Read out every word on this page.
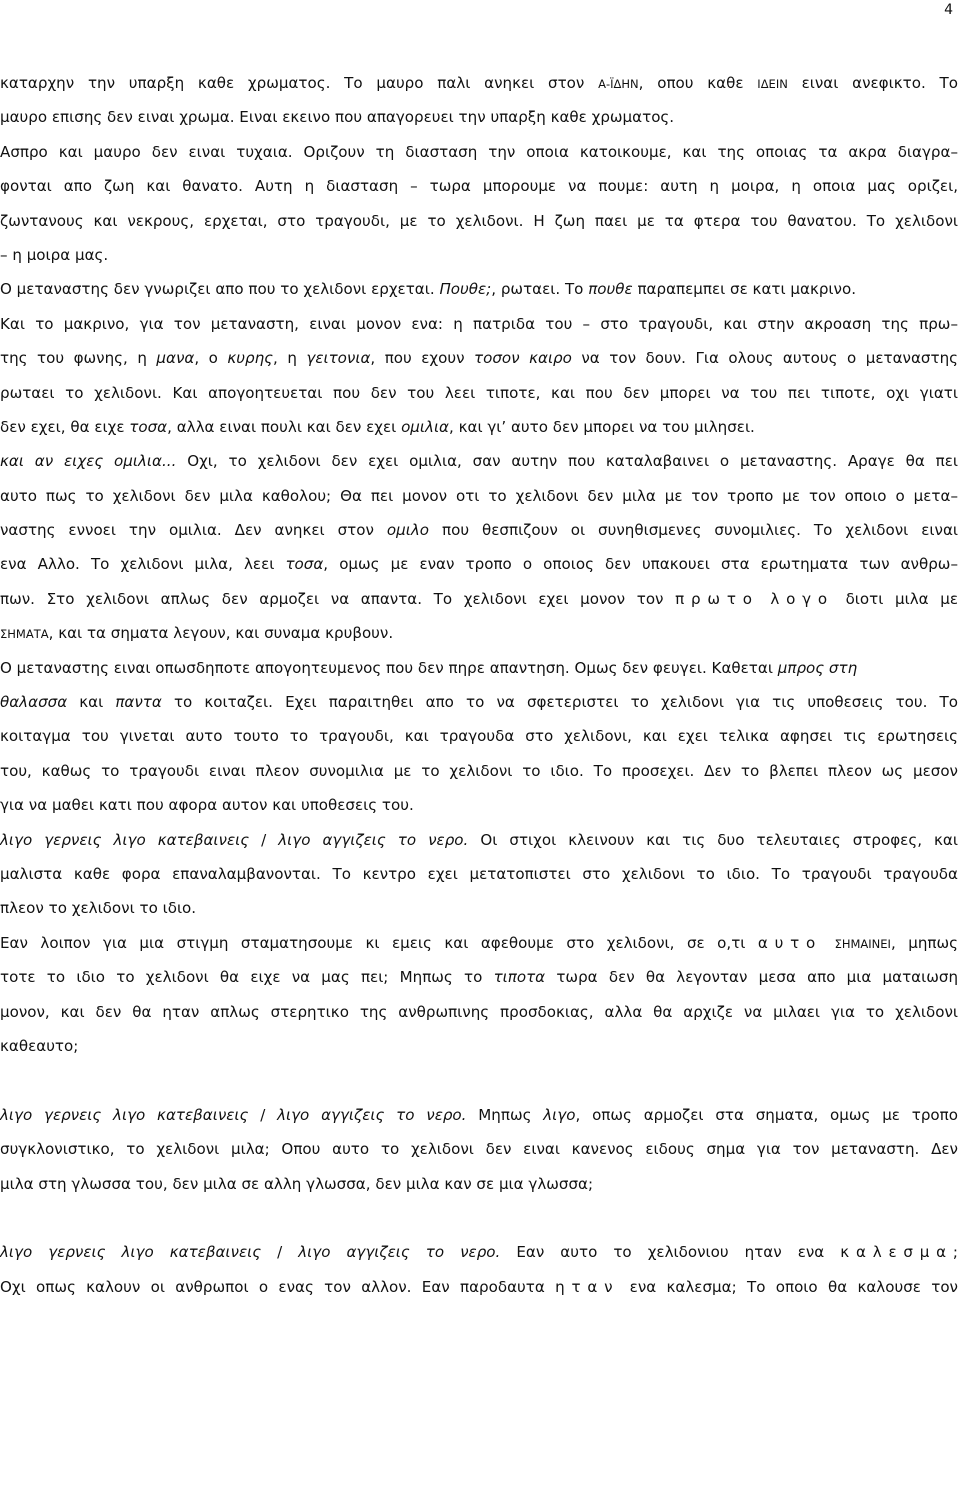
4
καταρχην την υπαρξη καθε χρωματος. Το μαυρο παλι ανηκει στον Α-ΪΔΗΝ, οπου καθε ΙΔΕΙΝ ειναι ανεφικτο. Το
μαυρο επισης δεν ειναι χρωμα. Ειναι εκεινο που απαγορευει την υπαρξη καθε χρωματος.
Ασπρο και μαυρο δεν ειναι τυχαια. Οριζουν τη διασταση την οποια κατοικουμε, και της οποιας τα ακρα διαγρα–
φονται απο ζωη και θανατο. Αυτη η διασταση – τωρα μπορουμε να πουμε: αυτη η μοιρα, η οποια μας οριζει,
ζωντανους και νεκρους, ερχεται, στο τραγουδι, με το χελιδονι. Η ζωη παει με τα φτερα του θανατου. Το χελιδονι
– η μοιρα μας.
Ο μεταναστης δεν γνωριζει απο που το χελιδονι ερχεται. Πουθε;, ρωταει. Το πουθε παραπεμπει σε κατι μακρινο.
Και το μακρινο, για τον μεταναστη, ειναι μονον ενα: η πατριδα του – στο τραγουδι, και στην ακροαση της πρω–
της του φωνης, η μανα, ο κυρης, η γειτονια, που εχουν τοσον καιρο να τον δουν. Για ολους αυτους ο μεταναστης
ρωταει το χελιδονι. Και απογοητευεται που δεν του λεει τιποτε, και που δεν μπορει να του πει τιποτε, οχι γιατι
δεν εχει, θα ειχε τοσα, αλλα ειναι πουλι και δεν εχει ομιλια, και γι’ αυτο δεν μπορει να του μιλησει.
και αν ειχες ομιλια... Οχι, το χελιδονι δεν εχει ομιλια, σαν αυτην που καταλαβαινει ο μεταναστης. Αραγε θα πει
αυτο πως το χελιδονι δεν μιλα καθολου; Θα πει μονον οτι το χελιδονι δεν μιλα με τον τροπο με τον οποιο ο μετα–
ναστης εννοει την ομιλια. Δεν ανηκει στον ομιλο που θεσπιζουν οι συνηθισμενες συνομιλιες. Το χελιδονι ειναι
ενα Αλλο. Το χελιδονι μιλα, λεει τοσα, ομως με εναν τροπο ο οποιος δεν υπακουει στα ερωτηματα των ανθρω–
πων. Στο χελιδονι απλως δεν αρμοζει να απαντα. Το χελιδονι εχει μονον τον πρωτο λογο διοτι μιλα με
ΣΗΜΑΤΑ, και τα σηματα λεγουν, και συναμα κρυβουν.
Ο μεταναστης ειναι οπωσδηποτε απογοητευμενος που δεν πηρε απαντηση. Ομως δεν φευγει. Καθεται μπρος στη
θαλασσα και παντα το κοιταζει. Εχει παραιτηθει απο το να σφετεριστει το χελιδονι για τις υποθεσεις του. Το
κοιταγμα του γινεται αυτο τουτο το τραγουδι, και τραγουδα στο χελιδονι, και εχει τελικα αφησει τις ερωτησεις
του, καθως το τραγουδι ειναι πλεον συνομιλια με το χελιδονι το ιδιο. Το προσεχει. Δεν το βλεπει πλεον ως μεσον
για να μαθει κατι που αφορα αυτον και υποθεσεις του.
λιγο γερνεις λιγο κατεβαινεις / λιγο αγγιζεις το νερο. Οι στιχοι κλεινουν και τις δυο τελευταιες στροφες, και
μαλιστα καθε φορα επαναλαμβανονται. Το κεντρο εχει μετατοπιστει στο χελιδονι το ιδιο. Το τραγουδι τραγουδα
πλεον το χελιδονι το ιδιο.
Εαν λοιπον για μια στιγμη σταματησουμε κι εμεις και αφεθουμε στο χελιδονι, σε ο,τι αυτο ΣΗΜΑΙΝΕΙ, μηπως
τοτε το ιδιο το χελιδονι θα ειχε να μας πει; Μηπως το τιποτα τωρα δεν θα λεγονταν μεσα απο μια ματαιωση
μονον, και δεν θα ηταν απλως στερητικο της ανθρωπινης προσδοκιας, αλλα θα αρχιζε να μιλαει για το χελιδονι
καθεαυτο;
λιγο γερνεις λιγο κατεβαινεις / λιγο αγγιζεις το νερο. Μηπως λιγο, οπως αρμοζει στα σηματα, ομως με τροπο
συγκλονιστικο, το χελιδονι μιλα; Οπου αυτο το χελιδονι δεν ειναι κανενος ειδους σημα για τον μεταναστη. Δεν
μιλα στη γλωσσα του, δεν μιλα σε αλλη γλωσσα, δεν μιλα καν σε μια γλωσσα;
λιγο γερνεις λιγο κατεβαινεις / λιγο αγγιζεις το νερο. Εαν αυτο το χελιδονιου ηταν ενα καλεσμα;
Οχι οπως καλουν οι ανθρωποι ο ενας τον αλλον. Εαν παροδαυτα ηταν ενα καλεσμα; Το οποιο θα καλουσε τον
